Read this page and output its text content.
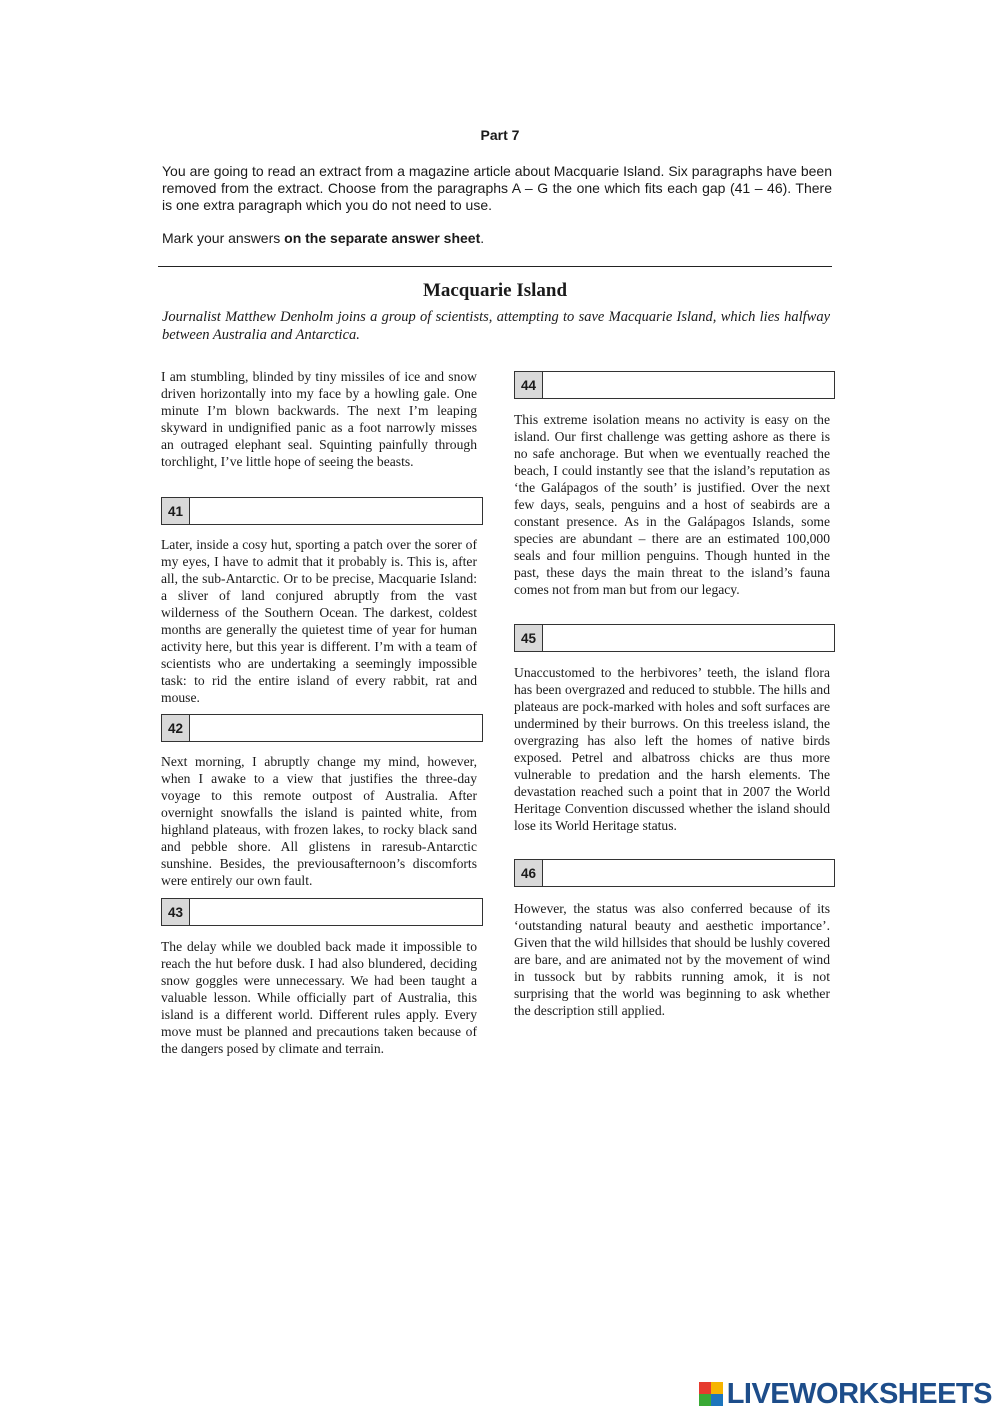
Part 7
You are going to read an extract from a magazine article about Macquarie Island. Six paragraphs have been removed from the extract. Choose from the paragraphs A – G the one which fits each gap (41 – 46). There is one extra paragraph which you do not need to use.
Mark your answers on the separate answer sheet.
Macquarie Island
Journalist Matthew Denholm joins a group of scientists, attempting to save Macquarie Island, which lies halfway between Australia and Antarctica.

I am stumbling, blinded by tiny missiles of ice and snow driven horizontally into my face by a howling gale. One minute I’m blown backwards. The next I’m leaping skyward in undignified panic as a foot narrowly misses an outraged elephant seal. Squinting painfully through torchlight, I’ve little hope of seeing the beasts.

41

Later, inside a cosy hut, sporting a patch over the sorer of my eyes, I have to admit that it probably is. This is, after all, the sub-Antarctic. Or to be precise, Macquarie Island: a sliver of land conjured abruptly from the vast wilderness of the Southern Ocean. The darkest, coldest months are generally the quietest time of year for human activity here, but this year is different. I’m with a team of scientists who are undertaking a seemingly impossible task: to rid the entire island of every rabbit, rat and mouse.

42

Next morning, I abruptly change my mind, however, when I awake to a view that justifies the three-day voyage to this remote outpost of Australia. After overnight snowfalls the island is painted white, from highland plateaus, with frozen lakes, to rocky black sand and pebble shore. All glistens in raresub-Antarctic sunshine. Besides, the previousafternoon’s discomforts were entirely our own fault.

43

The delay while we doubled back made it impossible to reach the hut before dusk. I had also blundered, deciding snow goggles were unnecessary. We had been taught a valuable lesson. While officially part of Australia, this island is a different world. Different rules apply. Every move must be planned and precautions taken because of the dangers posed by climate and terrain.

44

This extreme isolation means no activity is easy on the island. Our first challenge was getting ashore as there is no safe anchorage. But when we eventually reached the beach, I could instantly see that the island’s reputation as ‘the Galápagos of the south’ is justified. Over the next few days, seals, penguins and a host of seabirds are a constant presence. As in the Galápagos Islands, some species are abundant – there are an estimated 100,000 seals and four million penguins. Though hunted in the past, these days the main threat to the island’s fauna comes not from man but from our legacy.

45

Unaccustomed to the herbivores’ teeth, the island flora has been overgrazed and reduced to stubble. The hills and plateaus are pock-marked with holes and soft surfaces are undermined by their burrows. On this treeless island, the overgrazing has also left the homes of native birds exposed. Petrel and albatross chicks are thus more vulnerable to predation and the harsh elements. The devastation reached such a point that in 2007 the World Heritage Convention discussed whether the island should lose its World Heritage status.

46

However, the status was also conferred because of its ‘outstanding natural beauty and aesthetic importance’. Given that the wild hillsides that should be lushly covered are bare, and are animated not by the movement of wind in tussock but by rabbits running amok, it is not surprising that the world was beginning to ask whether the description still applied.

LIVEWORKSHEETS
